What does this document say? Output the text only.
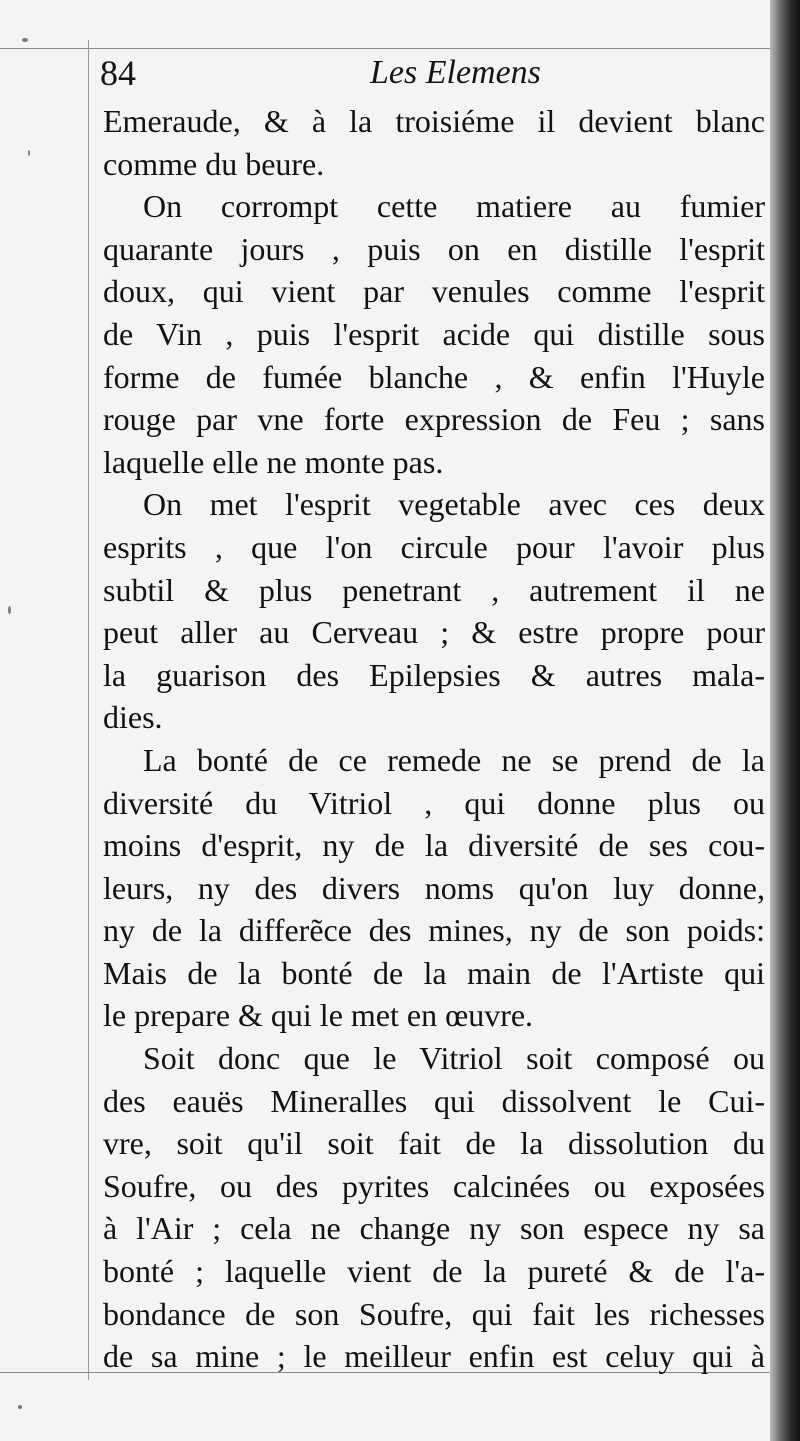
84	Les Elemens
Emeraude, & à la troisiéme il devient blanc
comme du beure.
On corrompt cette matiere au fumier
quarante jours , puis on en distille l'esprit
doux, qui vient par venules comme l'esprit
de Vin , puis l'esprit acide qui distille sous
forme de fumée blanche , & enfin l'Huyle
rouge par vne forte expression de Feu ; sans
laquelle elle ne monte pas.
On met l'esprit vegetable avec ces deux
esprits , que l'on circule pour l'avoir plus
subtil & plus penetrant , autrement il ne
peut aller au Cerveau ; & estre propre pour
la guarison des Epilepsies & autres mala-
dies.
La bonté de ce remede ne se prend de la
diversité du Vitriol , qui donne plus ou
moins d'esprit, ny de la diversité de ses cou-
leurs, ny des divers noms qu'on luy donne,
ny de la differẽce des mines, ny de son poids:
Mais de la bonté de la main de l'Artiste qui
le prepare & qui le met en œuvre.
Soit donc que le Vitriol soit composé ou
des eauës Mineralles qui dissolvent le Cui-
vre, soit qu'il soit fait de la dissolution du
Soufre, ou des pyrites calcinées ou exposées
à l'Air ; cela ne change ny son espece ny sa
bonté ; laquelle vient de la pureté & de l'a-
bondance de son Soufre, qui fait les richesses
de sa mine ; le meilleur enfin est celuy qui à
